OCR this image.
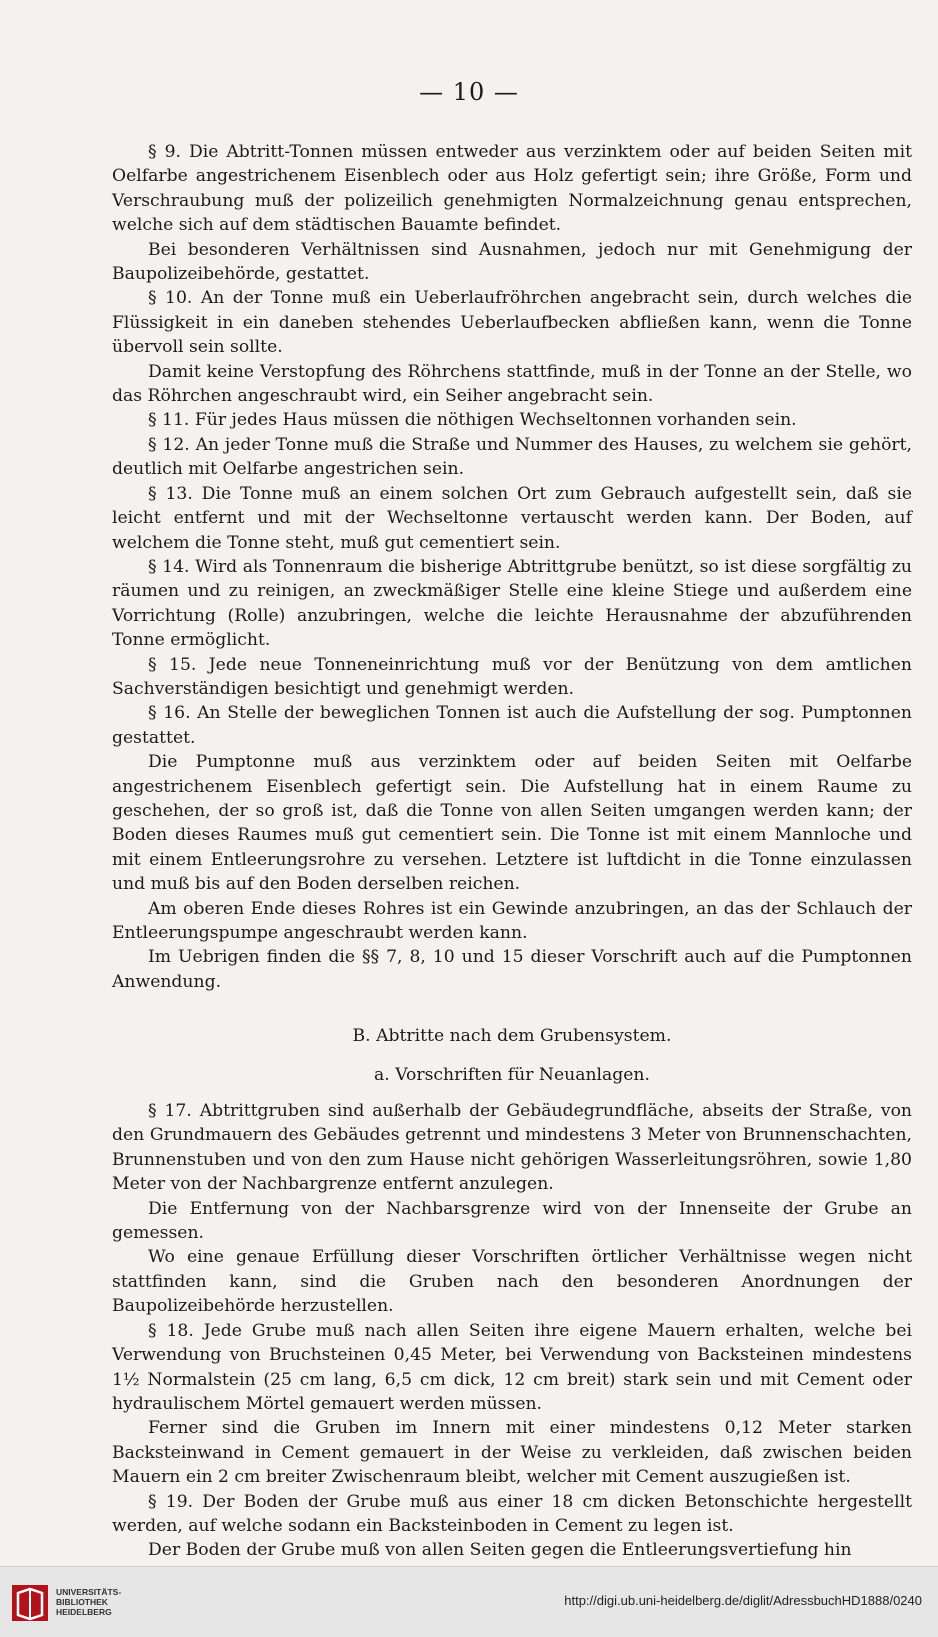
— 10 —

§ 9. Die Abtritt-Tonnen müssen entweder aus verzinktem oder auf beiden Seiten mit Oelfarbe angestrichenem Eisenblech oder aus Holz gefertigt sein; ihre Größe, Form und Verschraubung muß der polizeilich genehmigten Normalzeichnung genau entsprechen, welche sich auf dem städtischen Bauamte befindet.

Bei besonderen Verhältnissen sind Ausnahmen, jedoch nur mit Genehmigung der Baupolizeibehörde, gestattet.

§ 10. An der Tonne muß ein Ueberlaufröhrchen angebracht sein, durch welches die Flüssigkeit in ein daneben stehendes Ueberlaufbecken abfließen kann, wenn die Tonne übervoll sein sollte.

Damit keine Verstopfung des Röhrchens stattfinde, muß in der Tonne an der Stelle, wo das Röhrchen angeschraubt wird, ein Seiher angebracht sein.

§ 11. Für jedes Haus müssen die nöthigen Wechseltonnen vorhanden sein.

§ 12. An jeder Tonne muß die Straße und Nummer des Hauses, zu welchem sie gehört, deutlich mit Oelfarbe angestrichen sein.

§ 13. Die Tonne muß an einem solchen Ort zum Gebrauch aufgestellt sein, daß sie leicht entfernt und mit der Wechseltonne vertauscht werden kann. Der Boden, auf welchem die Tonne steht, muß gut cementiert sein.

§ 14. Wird als Tonnenraum die bisherige Abtrittgrube benützt, so ist diese sorgfältig zu räumen und zu reinigen, an zweckmäßiger Stelle eine kleine Stiege und außerdem eine Vorrichtung (Rolle) anzubringen, welche die leichte Herausnahme der abzuführenden Tonne ermöglicht.

§ 15. Jede neue Tonneneinrichtung muß vor der Benützung von dem amtlichen Sachverständigen besichtigt und genehmigt werden.

§ 16. An Stelle der beweglichen Tonnen ist auch die Aufstellung der sog. Pumptonnen gestattet.

Die Pumptonne muß aus verzinktem oder auf beiden Seiten mit Oelfarbe angestrichenem Eisenblech gefertigt sein. Die Aufstellung hat in einem Raume zu geschehen, der so groß ist, daß die Tonne von allen Seiten umgangen werden kann; der Boden dieses Raumes muß gut cementiert sein. Die Tonne ist mit einem Mannloche und mit einem Entleerungsrohre zu versehen. Letztere ist luftdicht in die Tonne einzulassen und muß bis auf den Boden derselben reichen.

Am oberen Ende dieses Rohres ist ein Gewinde anzubringen, an das der Schlauch der Entleerungspumpe angeschraubt werden kann.

Im Uebrigen finden die §§ 7, 8, 10 und 15 dieser Vorschrift auch auf die Pumptonnen Anwendung.

B. Abtritte nach dem Grubensystem.

a. Vorschriften für Neuanlagen.

§ 17. Abtrittgruben sind außerhalb der Gebäudegrundfläche, abseits der Straße, von den Grundmauern des Gebäudes getrennt und mindestens 3 Meter von Brunnenschachten, Brunnenstuben und von den zum Hause nicht gehörigen Wasserleitungsröhren, sowie 1,80 Meter von der Nachbargrenze entfernt anzulegen.

Die Entfernung von der Nachbarsgrenze wird von der Innenseite der Grube an gemessen.

Wo eine genaue Erfüllung dieser Vorschriften örtlicher Verhältnisse wegen nicht stattfinden kann, sind die Gruben nach den besonderen Anordnungen der Baupolizeibehörde herzustellen.

§ 18. Jede Grube muß nach allen Seiten ihre eigene Mauern erhalten, welche bei Verwendung von Bruchsteinen 0,45 Meter, bei Verwendung von Backsteinen mindestens 1½ Normalstein (25 cm lang, 6,5 cm dick, 12 cm breit) stark sein und mit Cement oder hydraulischem Mörtel gemauert werden müssen.

Ferner sind die Gruben im Innern mit einer mindestens 0,12 Meter starken Backsteinwand in Cement gemauert in der Weise zu verkleiden, daß zwischen beiden Mauern ein 2 cm breiter Zwischenraum bleibt, welcher mit Cement auszugießen ist.

§ 19. Der Boden der Grube muß aus einer 18 cm dicken Betonschichte hergestellt werden, auf welche sodann ein Backsteinboden in Cement zu legen ist.

Der Boden der Grube muß von allen Seiten gegen die Entleerungsvertiefung hin

UNIVERSITÄTS-
BIBLIOTHEK
HEIDELBERG
http://digi.ub.uni-heidelberg.de/diglit/AdressbuchHD1888/0240
